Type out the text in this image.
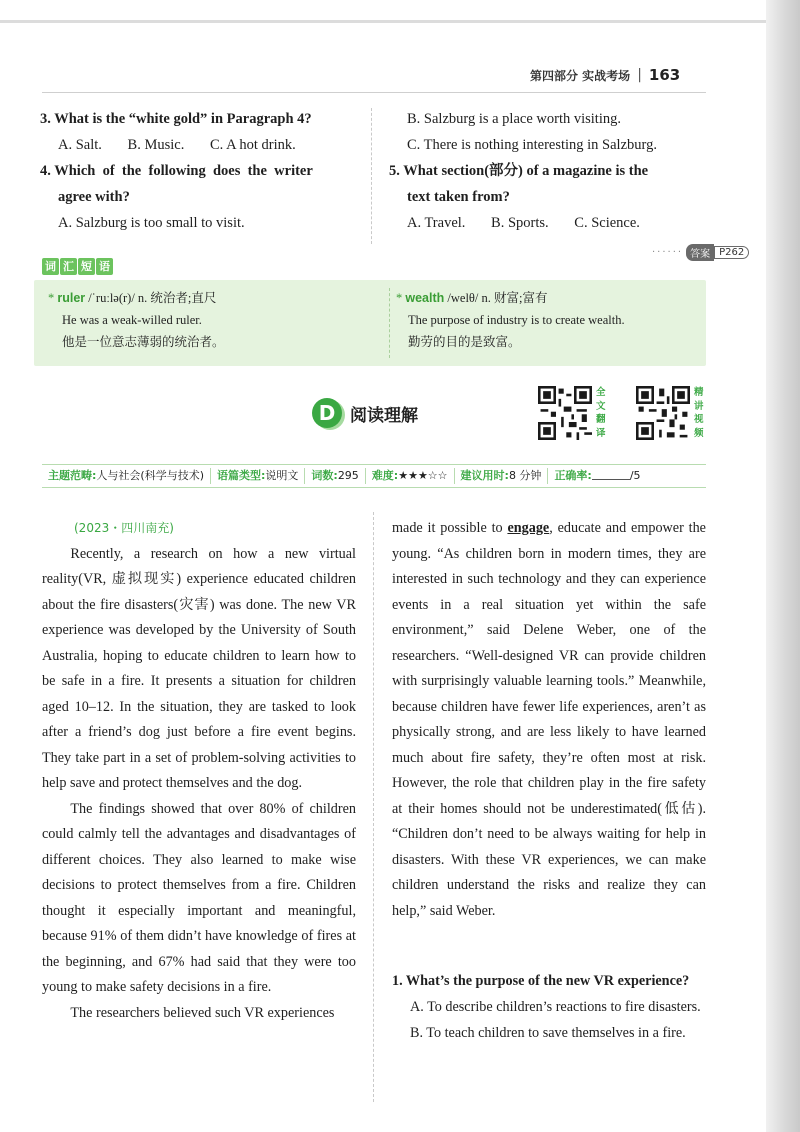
第四部分 实战考场 | 163
3. What is the “white gold” in Paragraph 4?
A. Salt. B. Music. C. A hot drink.
4. Which  of  the  following  does  the  writer
agree with?
A. Salzburg is too small to visit.
B. Salzburg is a place worth visiting.
C. There is nothing interesting in Salzburg.
5. What section(部分) of a magazine is the
text taken from?
A. Travel. B. Sports. C. Science.
······ 答案 P262
词 汇 短 语
* ruler /ˈruːlə(r)/ n. 统治者;直尺
He was a weak-willed ruler.
他是一位意志薄弱的统治者。
* wealth /welθ/ n. 财富;富有
The purpose of industry is to create wealth.
勤劳的目的是致富。
D 阅读理解
全
文
翻
译
精
讲
视
频
主题范畴:人与社会(科学与技术)	语篇类型:说明文	词数:295	难度:★★★☆☆	建议用时:8 分钟	正确率:	/5
(2023・四川南充)

Recently, a research on how a new virtual reality(VR, 虚拟现实) experience educated children about the fire disasters(灾害) was done. The new VR experience was developed by the University of South Australia, hoping to educate children to learn how to be safe in a fire. It presents a situation for children aged 10–12. In the situation, they are tasked to look after a friend’s dog just before a fire event begins. They take part in a set of problem-solving activities to help save and protect themselves and the dog.

The findings showed that over 80% of children could calmly tell the advantages and disadvantages of different choices. They also learned to make wise decisions to protect themselves from a fire. Children thought it especially important and meaningful, because 91% of them didn’t have knowledge of fires at the beginning, and 67% had said that they were too young to make safety decisions in a fire.

The researchers believed such VR experiences

made it possible to engage, educate and empower the young. “As children born in modern times, they are interested in such technology and they can experience events in a real situation yet within the safe environment,” said Delene Weber, one of the researchers. “Well-designed VR can provide children with surprisingly valuable learning tools.” Meanwhile, because children have fewer life experiences, aren’t as physically strong, and are less likely to have learned much about fire safety, they’re often most at risk. However, the role that children play in the fire safety at their homes should not be underestimated(低估). “Children don’t need to be always waiting for help in disasters. With these VR experiences, we can make children understand the risks and realize they can help,” said Weber.
1. What’s the purpose of the new VR experience?
A. To describe children’s reactions to fire disasters.
B. To teach children to save themselves in a fire.
